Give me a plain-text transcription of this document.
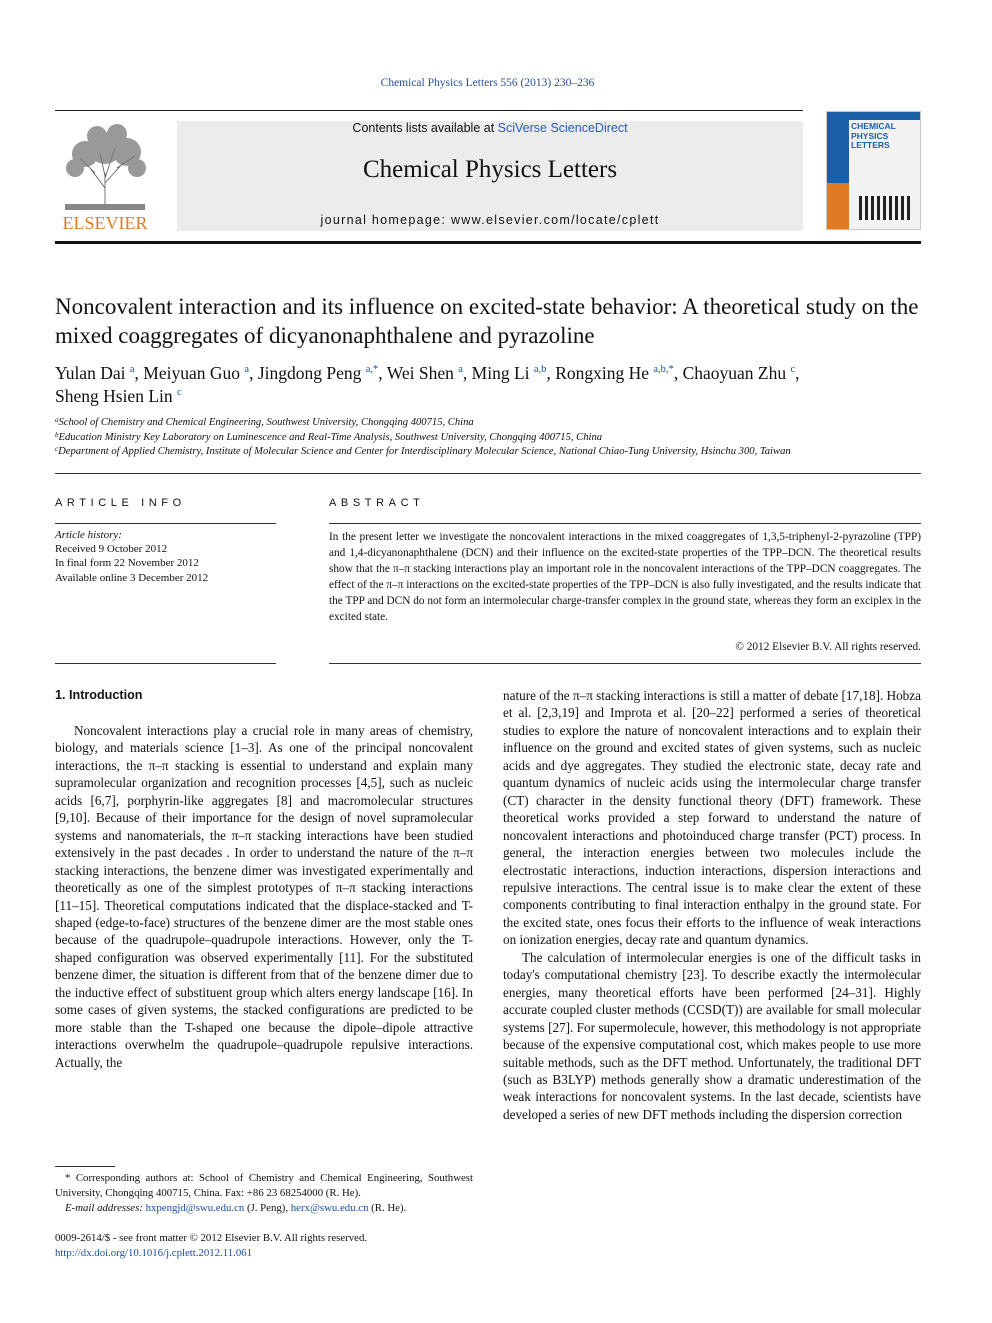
Chemical Physics Letters 556 (2013) 230–236
ELSEVIER
Contents lists available at SciVerse ScienceDirect
Chemical Physics Letters
journal homepage: www.elsevier.com/locate/cplett
CHEMICAL
PHYSICS
LETTERS
Noncovalent interaction and its influence on excited-state behavior: A theoretical study on the mixed coaggregates of dicyanonaphthalene and pyrazoline
Yulan Dai $^a$, Meiyuan Guo $^a$, Jingdong Peng $^{a,*}$, Wei Shen $^a$, Ming Li $^{a,b}$, Rongxing He $^{a,b,*}$, Chaoyuan Zhu $^c$,
Sheng Hsien Lin $^c$
$^a$School of Chemistry and Chemical Engineering, Southwest University, Chongqing 400715, China
$^b$Education Ministry Key Laboratory on Luminescence and Real-Time Analysis, Southwest University, Chongqing 400715, China
$^c$Department of Applied Chemistry, Institute of Molecular Science and Center for Interdisciplinary Molecular Science, National Chiao-Tung University, Hsinchu 300, Taiwan
ARTICLE INFO
Article history:
Received 9 October 2012
In final form 22 November 2012
Available online 3 December 2012
ABSTRACT
In the present letter we investigate the noncovalent interactions in the mixed coaggregates of 1,3,5-triphenyl-2-pyrazoline (TPP) and 1,4-dicyanonaphthalene (DCN) and their influence on the excited-state properties of the TPP–DCN. The theoretical results show that the π–π stacking interactions play an important role in the noncovalent interactions of the TPP–DCN coaggregates. The effect of the π–π interactions on the excited-state properties of the TPP–DCN is also fully investigated, and the results indicate that the TPP and DCN do not form an intermolecular charge-transfer complex in the ground state, whereas they form an exciplex in the excited state.
© 2012 Elsevier B.V. All rights reserved.
1. Introduction

Noncovalent interactions play a crucial role in many areas of chemistry, biology, and materials science [1–3]. As one of the principal noncovalent interactions, the π–π stacking is essential to understand and explain many supramolecular organization and recognition processes [4,5], such as nucleic acids [6,7], porphyrin-like aggregates [8] and macromolecular structures [9,10]. Because of their importance for the design of novel supramolecular systems and nanomaterials, the π–π stacking interactions have been studied extensively in the past decades . In order to understand the nature of the π–π stacking interactions, the benzene dimer was investigated experimentally and theoretically as one of the simplest prototypes of π–π stacking interactions [11–15]. Theoretical computations indicated that the displace-stacked and T-shaped (edge-to-face) structures of the benzene dimer are the most stable ones because of the quadrupole–quadrupole interactions. However, only the T-shaped configuration was observed experimentally [11]. For the substituted benzene dimer, the situation is different from that of the benzene dimer due to the inductive effect of substituent group which alters energy landscape [16]. In some cases of given systems, the stacked configurations are predicted to be more stable than the T-shaped one because the dipole–dipole attractive interactions overwhelm the quadrupole–quadrupole repulsive interactions. Actually, the

nature of the π–π stacking interactions is still a matter of debate [17,18]. Hobza et al. [2,3,19] and Improta et al. [20–22] performed a series of theoretical studies to explore the nature of noncovalent interactions and to explain their influence on the ground and excited states of given systems, such as nucleic acids and dye aggregates. They studied the electronic state, decay rate and quantum dynamics of nucleic acids using the intermolecular charge transfer (CT) character in the density functional theory (DFT) framework. These theoretical works provided a step forward to understand the nature of noncovalent interactions and photoinduced charge transfer (PCT) process. In general, the interaction energies between two molecules include the electrostatic interactions, induction interactions, dispersion interactions and repulsive interactions. The central issue is to make clear the extent of these components contributing to final interaction enthalpy in the ground state. For the excited state, ones focus their efforts to the influence of weak interactions on ionization energies, decay rate and quantum dynamics.

The calculation of intermolecular energies is one of the difficult tasks in today's computational chemistry [23]. To describe exactly the intermolecular energies, many theoretical efforts have been performed [24–31]. Highly accurate coupled cluster methods (CCSD(T)) are available for small molecular systems [27]. For supermolecule, however, this methodology is not appropriate because of the expensive computational cost, which makes people to use more suitable methods, such as the DFT method. Unfortunately, the traditional DFT (such as B3LYP) methods generally show a dramatic underestimation of the weak interactions for noncovalent systems. In the last decade, scientists have developed a series of new DFT methods including the dispersion correction

* Corresponding authors at: School of Chemistry and Chemical Engineering, Southwest University, Chongqing 400715, China. Fax: +86 23 68254000 (R. He).
E-mail addresses: hxpengjd@swu.edu.cn (J. Peng), herx@swu.edu.cn (R. He).
0009-2614/$ - see front matter © 2012 Elsevier B.V. All rights reserved.
http://dx.doi.org/10.1016/j.cplett.2012.11.061
